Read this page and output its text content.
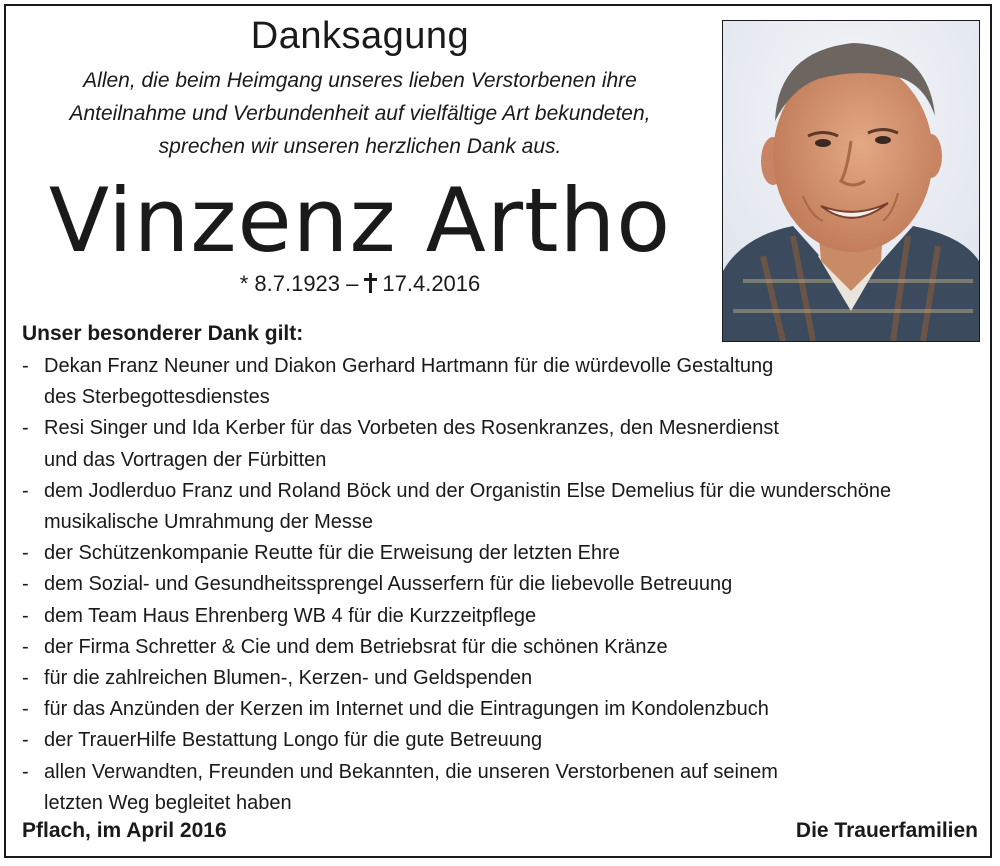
Danksagung
Allen, die beim Heimgang unseres lieben Verstorbenen ihre
Anteilnahme und Verbundenheit auf vielfältige Art bekundeten,
sprechen wir unseren herzlichen Dank aus.
Vinzenz Artho
* 8.7.1923 – 17.4.2016
Unser besonderer Dank gilt:
- Dekan Franz Neuner und Diakon Gerhard Hartmann für die würdevolle Gestaltung
des Sterbegottesdienstes
- Resi Singer und Ida Kerber für das Vorbeten des Rosenkranzes, den Mesnerdienst
und das Vortragen der Fürbitten
- dem Jodlerduo Franz und Roland Böck und der Organistin Else Demelius für die wunderschöne
musikalische Umrahmung der Messe
- der Schützenkompanie Reutte für die Erweisung der letzten Ehre
- dem Sozial- und Gesundheitssprengel Ausserfern für die liebevolle Betreuung
- dem Team Haus Ehrenberg WB 4 für die Kurzzeitpflege
- der Firma Schretter & Cie und dem Betriebsrat für die schönen Kränze
- für die zahlreichen Blumen-, Kerzen- und Geldspenden
- für das Anzünden der Kerzen im Internet und die Eintragungen im Kondolenzbuch
- der TrauerHilfe Bestattung Longo für die gute Betreuung
- allen Verwandten, Freunden und Bekannten, die unseren Verstorbenen auf seinem
letzten Weg begleitet haben
Pflach, im April 2016	Die Trauerfamilien
